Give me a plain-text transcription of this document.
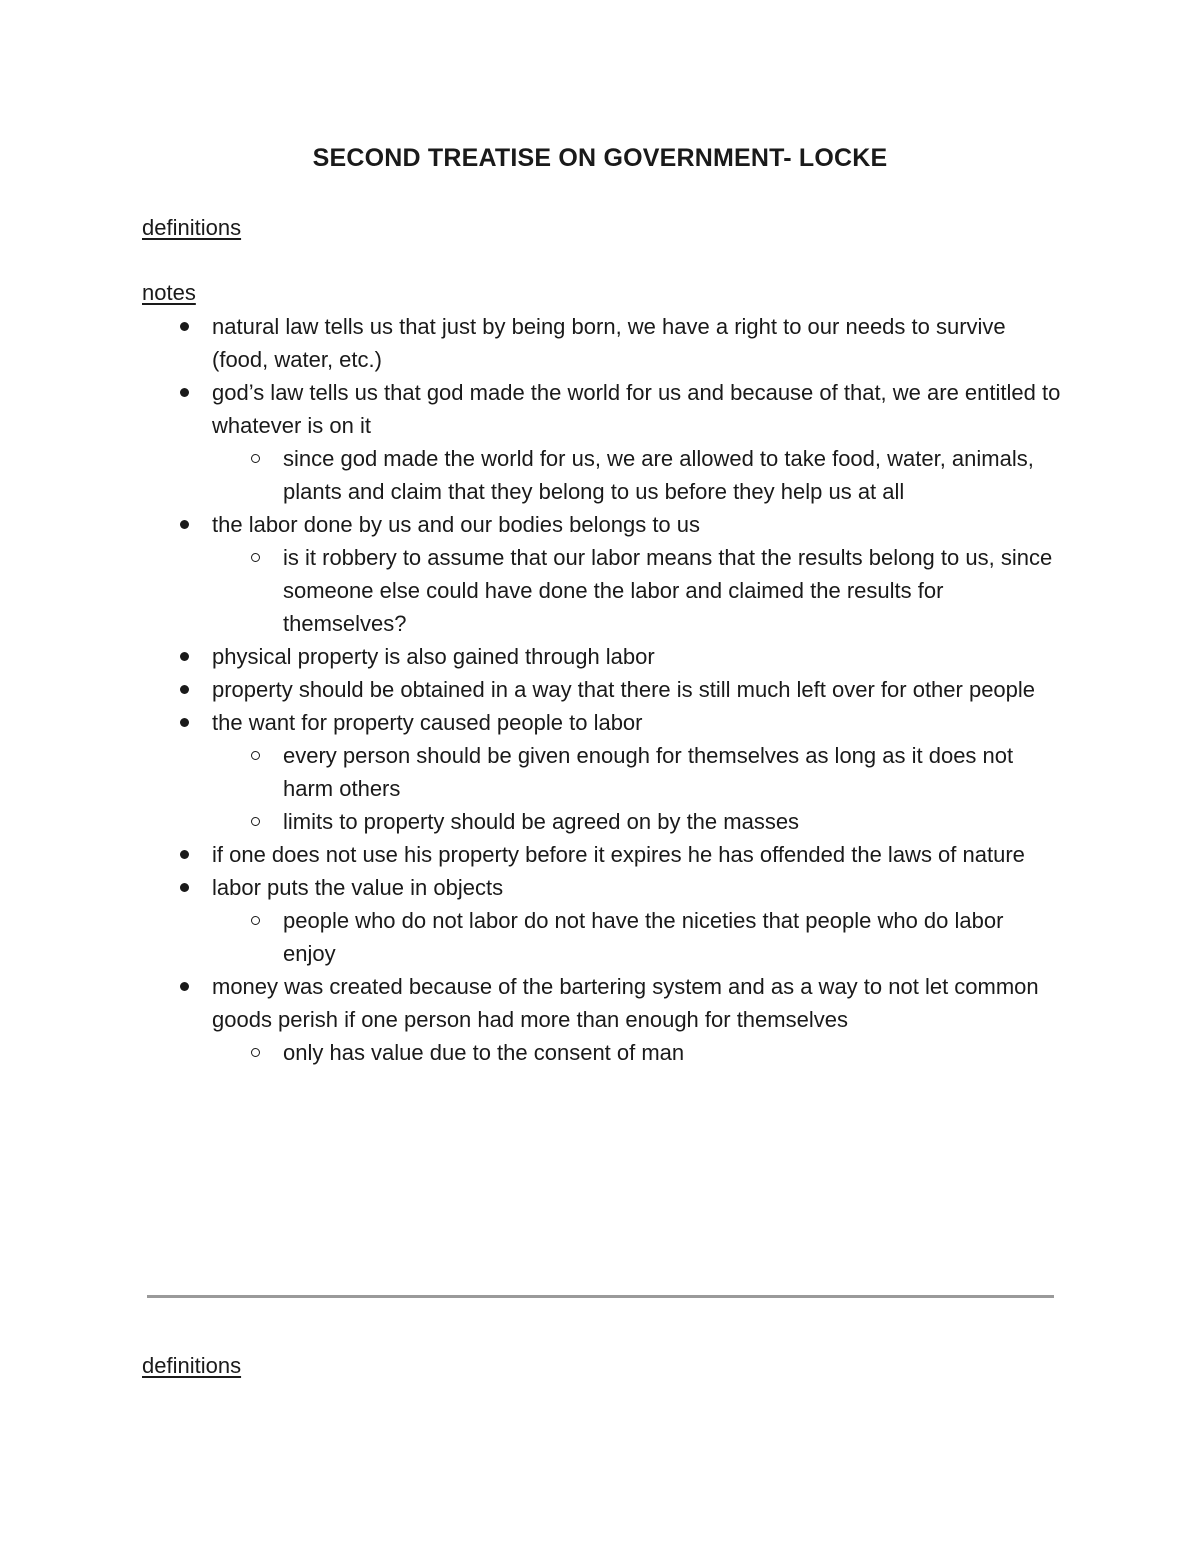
SECOND TREATISE ON GOVERNMENT- LOCKE
definitions
notes
natural law tells us that just by being born, we have a right to our needs to survive (food, water, etc.)
god’s law tells us that god made the world for us and because of that, we are entitled to whatever is on it
since god made the world for us, we are allowed to take food, water, animals, plants and claim that they belong to us before they help us at all
the labor done by us and our bodies belongs to us
is it robbery to assume that our labor means that the results belong to us, since someone else could have done the labor and claimed the results for themselves?
physical property is also gained through labor
property should be obtained in a way that there is still much left over for other people
the want for property caused people to labor
every person should be given enough for themselves as long as it does not harm others
limits to property should be agreed on by the masses
if one does not use his property before it expires he has offended the laws of nature
labor puts the value in objects
people who do not labor do not have the niceties that people who do labor enjoy
money was created because of the bartering system and as a way to not let common goods perish if one person had more than enough for themselves
only has value due to the consent of man
definitions
